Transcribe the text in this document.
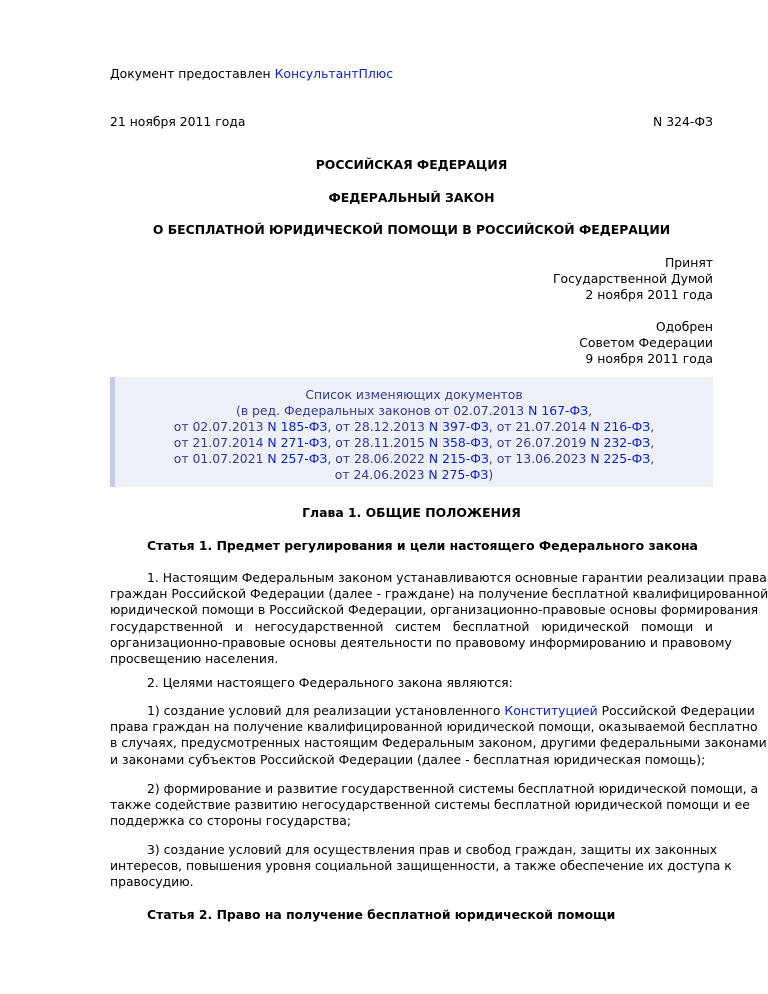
Документ предоставлен КонсультантПлюс
21 ноября 2011 года	N 324-ФЗ
РОССИЙСКАЯ ФЕДЕРАЦИЯ
ФЕДЕРАЛЬНЫЙ ЗАКОН
О БЕСПЛАТНОЙ ЮРИДИЧЕСКОЙ ПОМОЩИ В РОССИЙСКОЙ ФЕДЕРАЦИИ
Принят
Государственной Думой
2 ноября 2011 года
Одобрен
Советом Федерации
9 ноября 2011 года
Список изменяющих документов
(в ред. Федеральных законов от 02.07.2013 N 167-ФЗ,
от 02.07.2013 N 185-ФЗ, от 28.12.2013 N 397-ФЗ, от 21.07.2014 N 216-ФЗ,
от 21.07.2014 N 271-ФЗ, от 28.11.2015 N 358-ФЗ, от 26.07.2019 N 232-ФЗ,
от 01.07.2021 N 257-ФЗ, от 28.06.2022 N 215-ФЗ, от 13.06.2023 N 225-ФЗ,
от 24.06.2023 N 275-ФЗ)
Глава 1. ОБЩИЕ ПОЛОЖЕНИЯ
Статья 1. Предмет регулирования и цели настоящего Федерального закона
1. Настоящим Федеральным законом устанавливаются основные гарантии реализации права
граждан Российской Федерации (далее - граждане) на получение бесплатной квалифицированной
юридической помощи в Российской Федерации, организационно-правовые основы формирования
государственной и негосударственной систем бесплатной юридической помощи и
организационно-правовые основы деятельности по правовому информированию и правовому
просвещению населения.
2. Целями настоящего Федерального закона являются:
1) создание условий для реализации установленного Конституцией Российской Федерации
права граждан на получение квалифицированной юридической помощи, оказываемой бесплатно
в случаях, предусмотренных настоящим Федеральным законом, другими федеральными законами
и законами субъектов Российской Федерации (далее - бесплатная юридическая помощь);
2) формирование и развитие государственной системы бесплатной юридической помощи, а
также содействие развитию негосударственной системы бесплатной юридической помощи и ее
поддержка со стороны государства;
3) создание условий для осуществления прав и свобод граждан, защиты их законных
интересов, повышения уровня социальной защищенности, а также обеспечение их доступа к
правосудию.
Статья 2. Право на получение бесплатной юридической помощи
